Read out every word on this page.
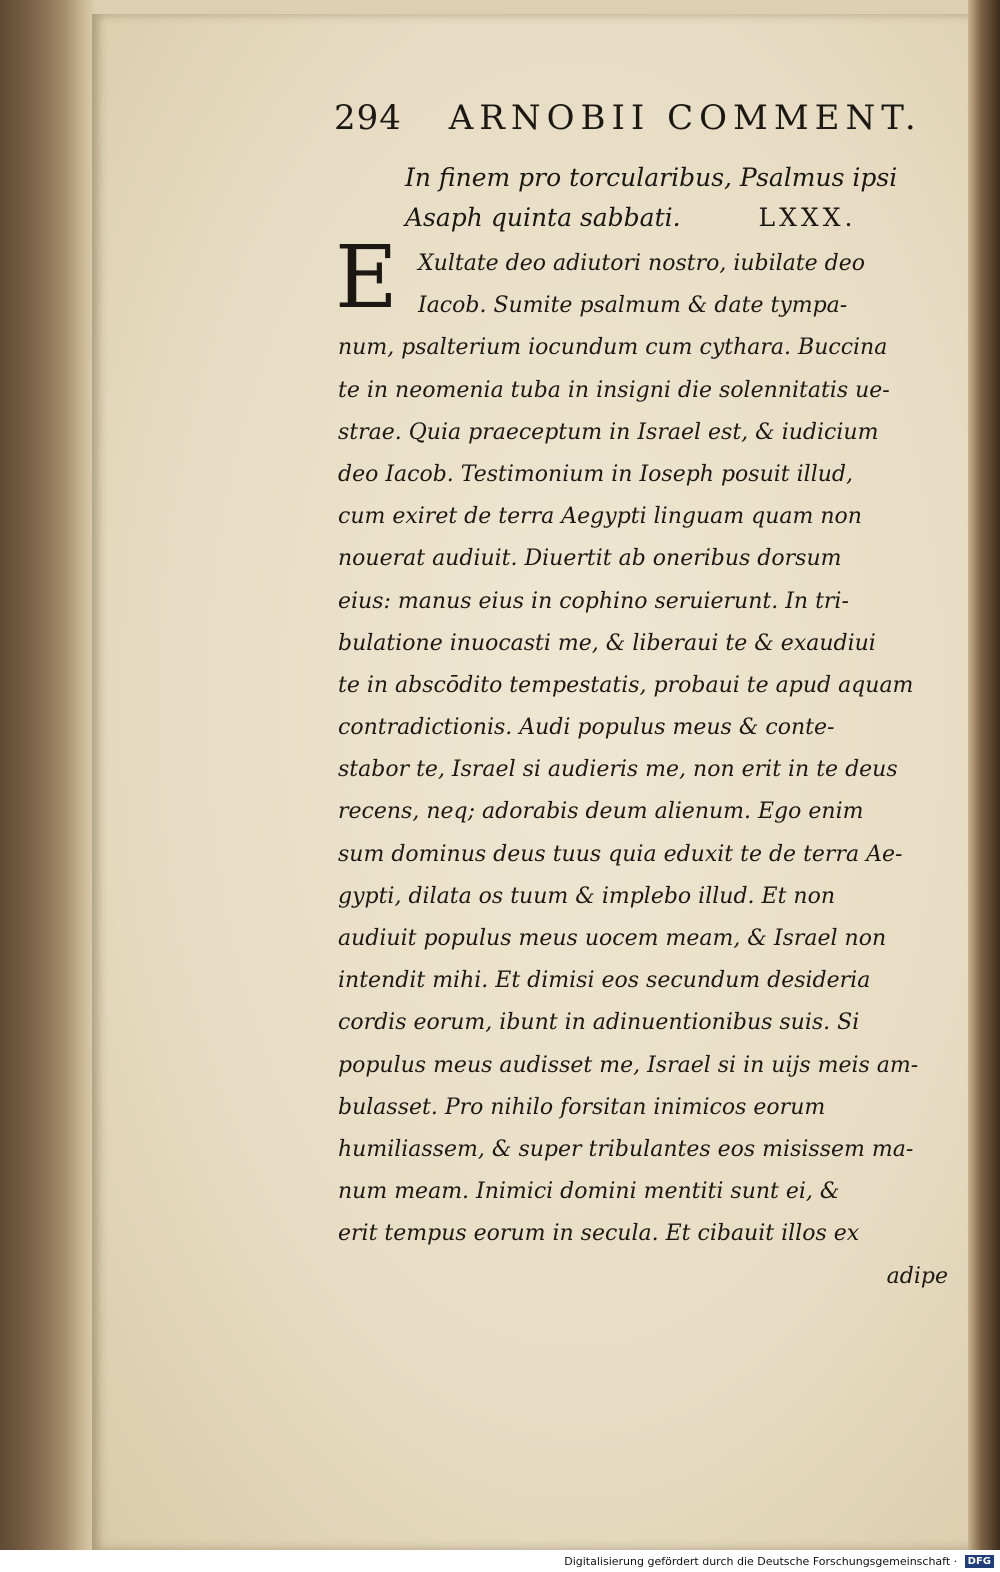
294 ARNOBII COMMENT.
In finem pro torcularibus, Psalmus ipsi
Asaph quinta sabbati.	LXXX.
E Xultate deo adiutori nostro, iubilate deo
Iacob. Sumite psalmum & date tympa-
num, psalterium iocundum cum cythara. Buccina
te in neomenia tuba in insigni die solennitatis ue-
strae. Quia praeceptum in Israel est, & iudicium
deo Iacob. Testimonium in Ioseph posuit illud,
cum exiret de terra Aegypti linguam quam non
nouerat audiuit. Diuertit ab oneribus dorsum
eius: manus eius in cophino seruierunt. In tri-
bulatione inuocasti me, & liberaui te & exaudiui
te in abscōdito tempestatis, probaui te apud aquam
contradictionis. Audi populus meus & conte-
stabor te, Israel si audieris me, non erit in te deus
recens, neq; adorabis deum alienum. Ego enim
sum dominus deus tuus quia eduxit te de terra Ae-
gypti, dilata os tuum & implebo illud. Et non
audiuit populus meus uocem meam, & Israel non
intendit mihi. Et dimisi eos secundum desideria
cordis eorum, ibunt in adinuentionibus suis. Si
populus meus audisset me, Israel si in uijs meis am-
bulasset. Pro nihilo forsitan inimicos eorum
humiliassem, & super tribulantes eos misissem ma-
num meam. Inimici domini mentiti sunt ei, &
erit tempus eorum in secula. Et cibauit illos ex
adipe
Digitalisierung gefördert durch die Deutsche Forschungsgemeinschaft · DFG
